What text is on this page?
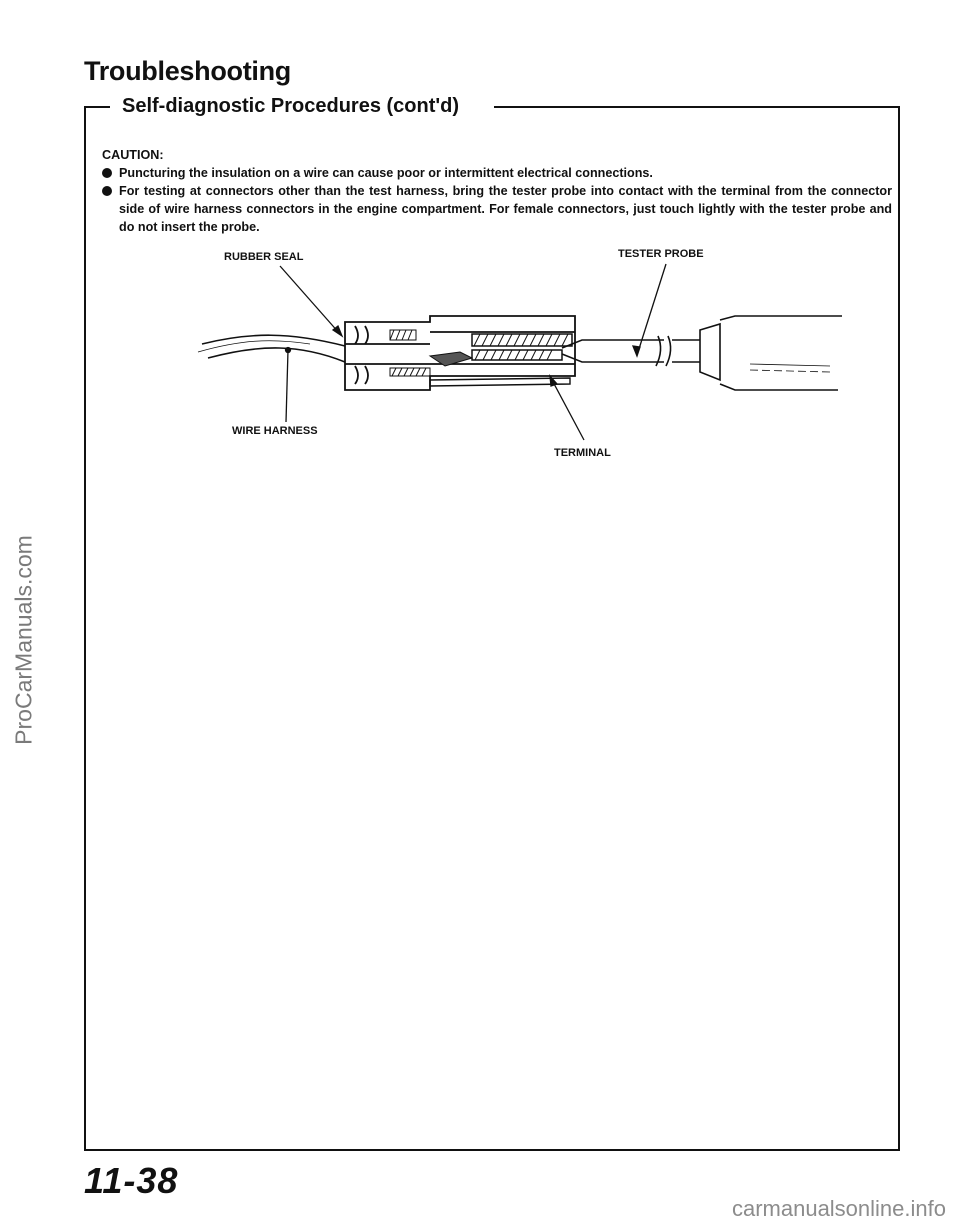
Troubleshooting
Self-diagnostic Procedures (cont'd)
CAUTION:
Puncturing the insulation on a wire can cause poor or intermittent electrical connections.
For testing at connectors other than the test harness, bring the tester probe into contact with the terminal from the connector side of wire harness connectors in the engine compartment. For female connectors, just touch lightly with the tester probe and do not insert the probe.
RUBBER SEAL	TESTER PROBE
WIRE HARNESS
TERMINAL
ProCarManuals.com
11-38
carmanualsonline.info
